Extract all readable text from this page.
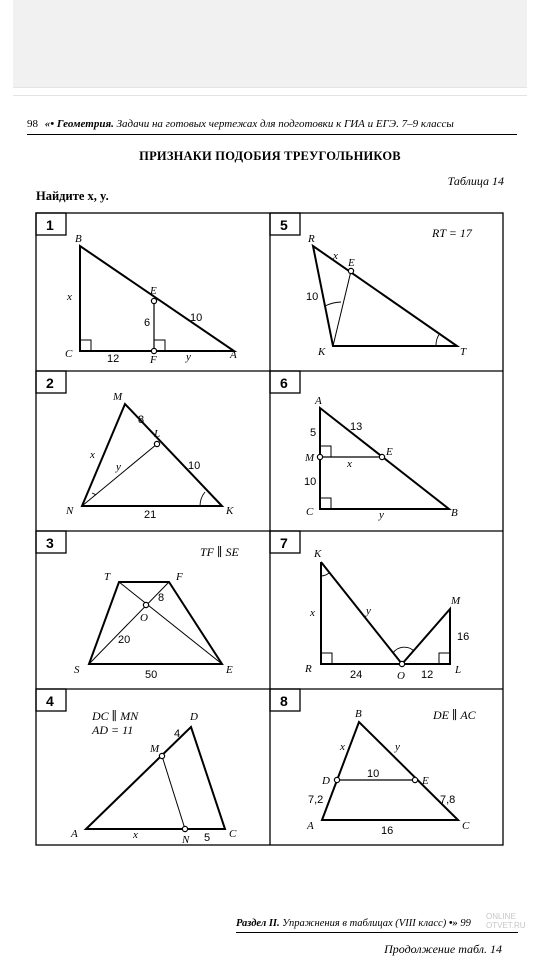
98 «• Геометрия. Задачи на готовых чертежах для подготовки к ГИА и ЕГЭ. 7–9 классы
ПРИЗНАКИ ПОДОБИЯ ТРЕУГОЛЬНИКОВ
Таблица 14
Найдите x, y.
1	5
2	6
3	7
4	8
B
E
C	F	A
x
6	10
12	y
RT = 17
R
E
K	T
x
10
M
L
N	K
8
x
y	10
21
A
M	E
C	B
5	13
x
10
y
TF ∥ SE
T	F
O
S	E
8
20
50
K
M
R
O	L
x	y
16
24	12
DC ∥ MN
AD = 11
D
M
A	N	C
4
x	5
DE ∥ AC
B
D	E
A	C
x	y
10
7,2	7,8
16
Раздел II. Упражнения в таблицах (VIII класс) •» 99
Продолжение табл. 14
ONLINE
OTVET.RU
